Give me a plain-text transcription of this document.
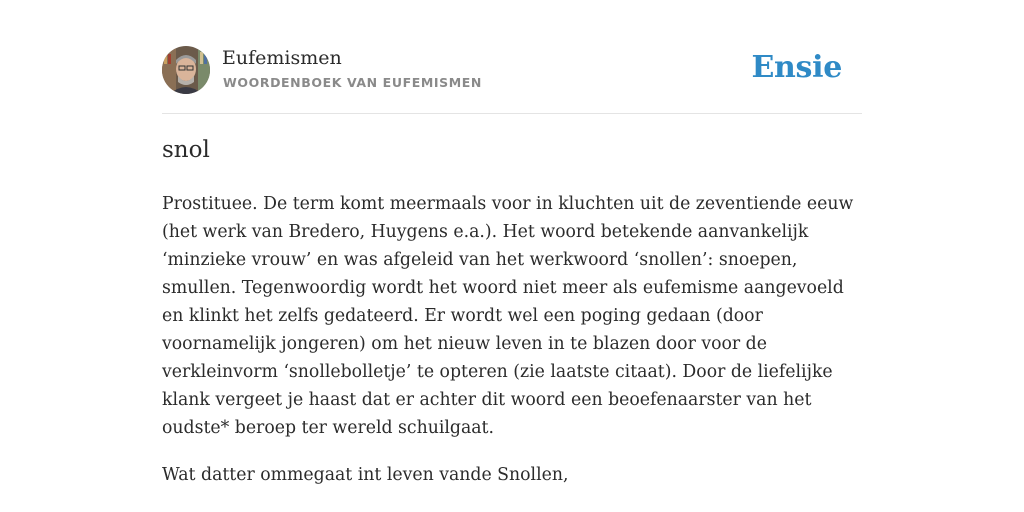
Eufemismen
WOORDENBOEK VAN EUFEMISMEN	Ensie
snol

Prostituee. De term komt meermaals voor in kluchten uit de zeventiende eeuw (het werk van Bredero, Huygens e.a.). Het woord betekende aanvankelijk ‘minzieke vrouw’ en was afgeleid van het werkwoord ‘snollen’: snoepen, smullen. Tegenwoordig wordt het woord niet meer als eufemisme aangevoeld en klinkt het zelfs gedateerd. Er wordt wel een poging gedaan (door voornamelijk jongeren) om het nieuw leven in te blazen door voor de verkleinvorm ‘snollebolletje’ te opteren (zie laatste citaat). Door de liefelijke klank vergeet je haast dat er achter dit woord een beoefenaarster van het oudste* beroep ter wereld schuilgaat.

Wat datter ommegaat int leven vande Snollen,
